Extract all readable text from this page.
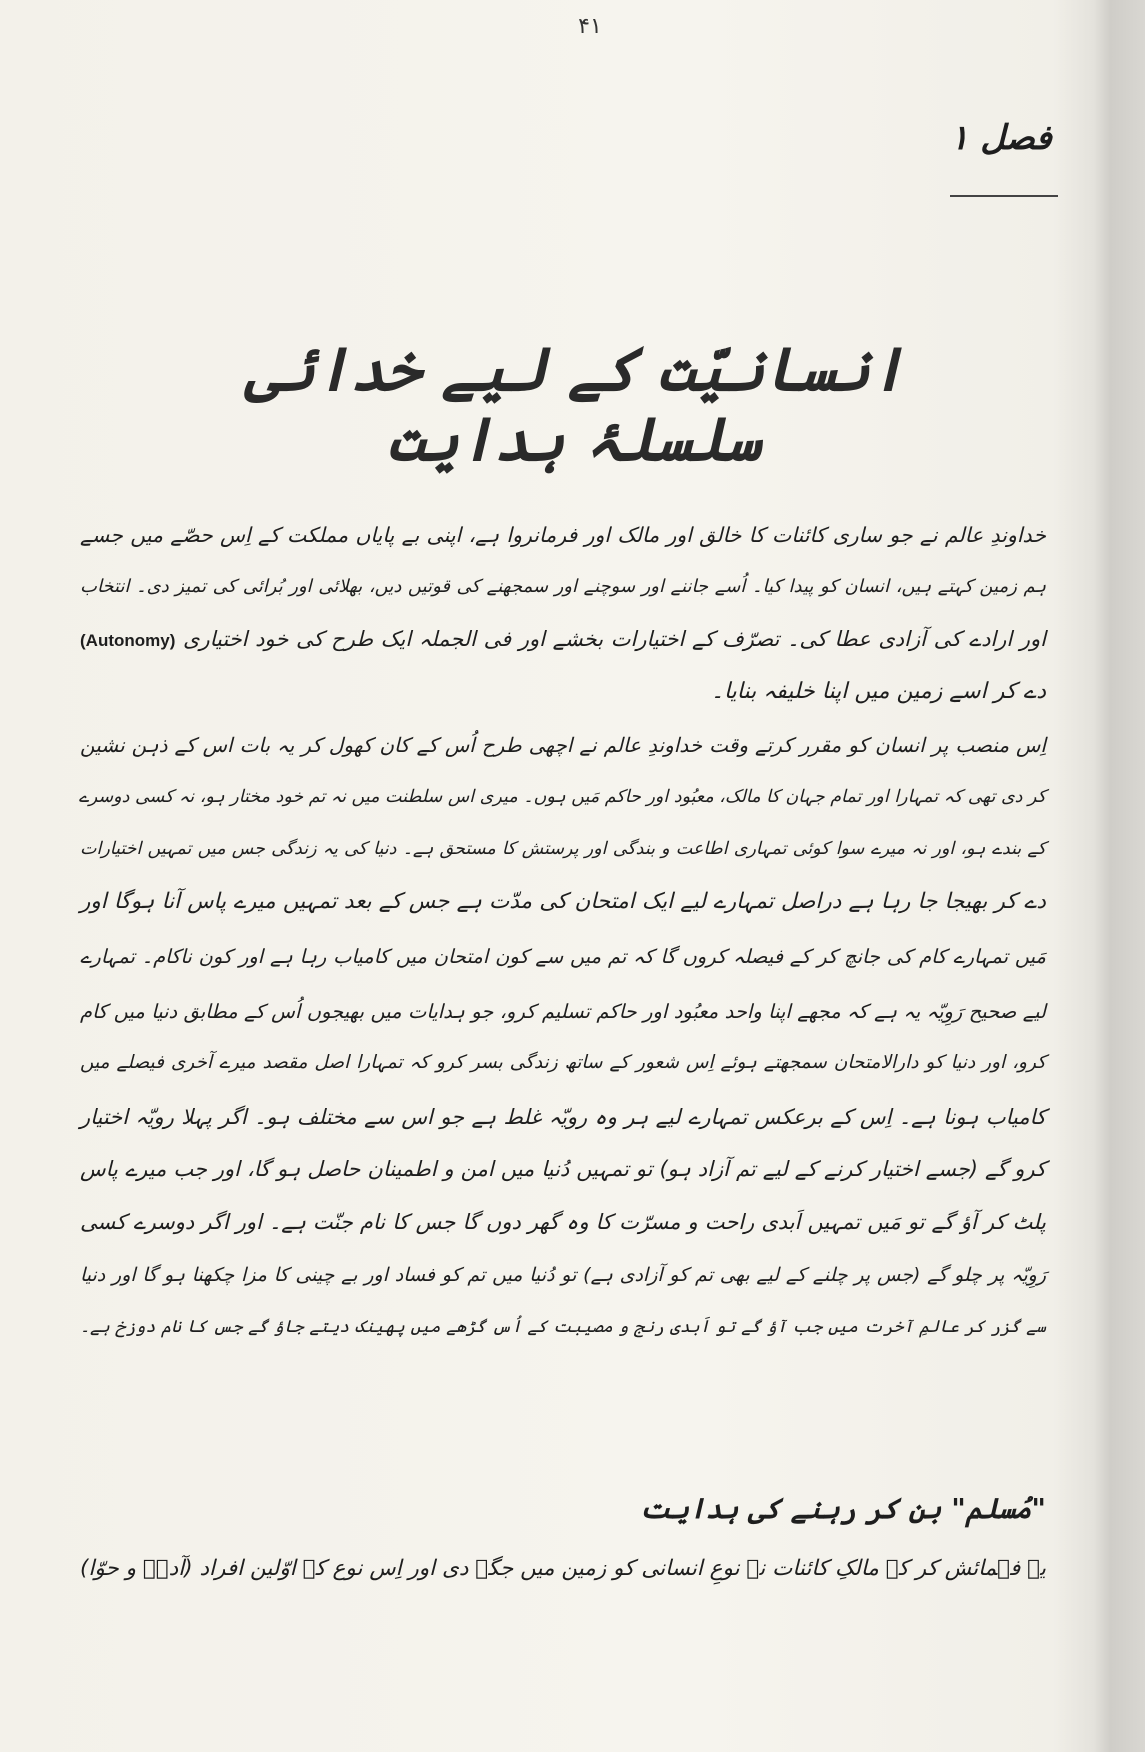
۴۱
فصل ۱
انسانیّت کے لیے خدائی سلسلۂ ہدایت
خداوندِ عالم نے جو ساری کائنات کا خالق اور مالک اور فرمانروا ہے، اپنی بے پایاں مملکت کے اِس حصّے میں جسے
ہم زمین کہتے ہیں، انسان کو پیدا کیا۔ اُسے جاننے اور سوچنے اور سمجھنے کی قوتیں دیں، بھلائی اور بُرائی کی تمیز دی۔ انتخاب
اور ارادے کی آزادی عطا کی۔ تصرّف کے اختیارات بخشے اور فی الجملہ ایک طرح کی خود اختیاری (Autonomy)
دے کر اسے زمین میں اپنا خلیفہ بنایا۔
اِس منصب پر انسان کو مقرر کرتے وقت خداوندِ عالم نے اچھی طرح اُس کے کان کھول کر یہ بات اس کے ذہن نشین
کر دی تھی کہ تمہارا اور تمام جہان کا مالک، معبُود اور حاکم مَیں ہوں۔ میری اس سلطنت میں نہ تم خود مختار ہو، نہ کسی دوسرے
کے بندے ہو، اور نہ میرے سوا کوئی تمہاری اطاعت و بندگی اور پرستش کا مستحق ہے۔ دنیا کی یہ زندگی جس میں تمہیں اختیارات
دے کر بھیجا جا رہا ہے دراصل تمہارے لیے ایک امتحان کی مدّت ہے جس کے بعد تمہیں میرے پاس آنا ہوگا اور
مَیں تمہارے کام کی جانچ کر کے فیصلہ کروں گا کہ تم میں سے کون امتحان میں کامیاب رہا ہے اور کون ناکام۔ تمہارے
لیے صحیح رَوِیّہ یہ ہے کہ مجھے اپنا واحد معبُود اور حاکم تسلیم کرو، جو ہدایات میں بھیجوں اُس کے مطابق دنیا میں کام
کرو، اور دنیا کو دارالامتحان سمجھتے ہوئے اِس شعور کے ساتھ زندگی بسر کرو کہ تمہارا اصل مقصد میرے آخری فیصلے میں
کامیاب ہونا ہے۔ اِس کے برعکس تمہارے لیے ہر وہ رویّہ غلط ہے جو اس سے مختلف ہو۔ اگر پہلا رویّہ اختیار
کرو گے (جسے اختیار کرنے کے لیے تم آزاد ہو) تو تمہیں دُنیا میں امن و اطمینان حاصل ہو گا، اور جب میرے پاس
پلٹ کر آؤ گے تو مَیں تمہیں اَبدی راحت و مسرّت کا وہ گھر دوں گا جس کا نام جنّت ہے۔ اور اگر دوسرے کسی
رَوِیّہ پر چلو گے (جس پر چلنے کے لیے بھی تم کو آزادی ہے) تو دُنیا میں تم کو فساد اور بے چینی کا مزا چکھنا ہو گا اور دنیا
سے گزر کر عالمِ آخرت میں جب آؤ گے تو اَبدی رنج و مصیبت کے اُس گڑھے میں پھینک دیتے جاؤ گے جس کا نام دوزخ ہے۔
"مُسلم" بن کر رہنے کی ہدایت
یہ فہمائش کر کے مالکِ کائنات نے نوعِ انسانی کو زمین میں جگہ دی اور اِس نوع کے اوّلین افراد (آدمؑ و حوّا)
